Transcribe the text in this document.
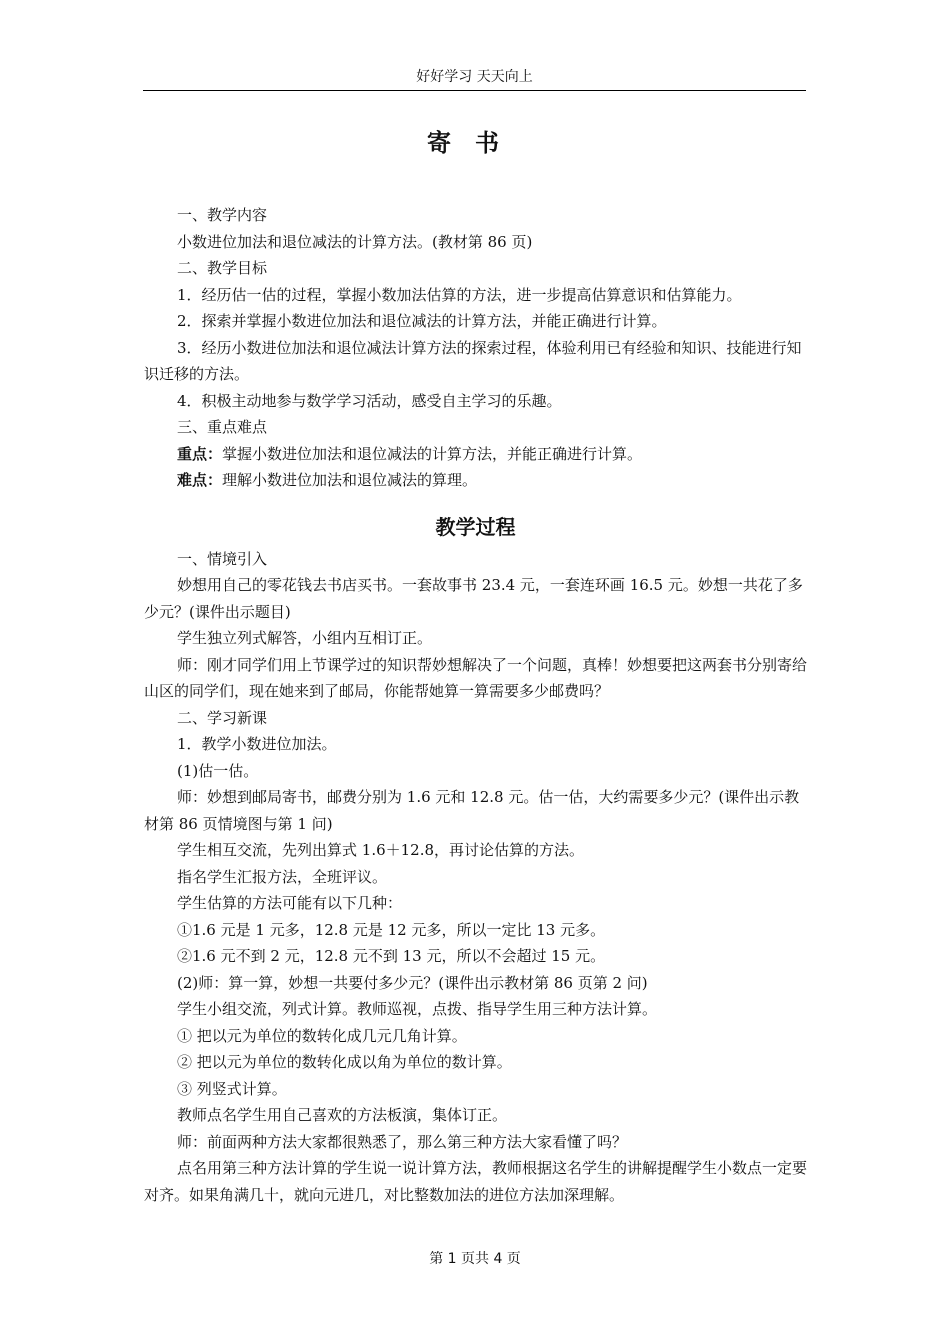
好好学习 天天向上
寄书

一、教学内容

小数进位加法和退位减法的计算方法。(教材第 86 页)

二、教学目标

1．经历估一估的过程，掌握小数加法估算的方法，进一步提高估算意识和估算能力。

2．探索并掌握小数进位加法和退位减法的计算方法，并能正确进行计算。

3．经历小数进位加法和退位减法计算方法的探索过程，体验利用已有经验和知识、技能进行知识迁移的方法。

4．积极主动地参与数学学习活动，感受自主学习的乐趣。

三、重点难点

重点：掌握小数进位加法和退位减法的计算方法，并能正确进行计算。

难点：理解小数进位加法和退位减法的算理。

教学过程

一、情境引入

妙想用自己的零花钱去书店买书。一套故事书 23.4 元，一套连环画 16.5 元。妙想一共花了多少元？(课件出示题目)

学生独立列式解答，小组内互相订正。

师：刚才同学们用上节课学过的知识帮妙想解决了一个问题，真棒！妙想要把这两套书分别寄给山区的同学们，现在她来到了邮局，你能帮她算一算需要多少邮费吗？

二、学习新课

1．教学小数进位加法。

(1)估一估。

师：妙想到邮局寄书，邮费分别为 1.6 元和 12.8 元。估一估，大约需要多少元？(课件出示教材第 86 页情境图与第 1 问)

学生相互交流，先列出算式 1.6＋12.8，再讨论估算的方法。

指名学生汇报方法，全班评议。

学生估算的方法可能有以下几种：

①1.6 元是 1 元多，12.8 元是 12 元多，所以一定比 13 元多。

②1.6 元不到 2 元，12.8 元不到 13 元，所以不会超过 15 元。

(2)师：算一算，妙想一共要付多少元？(课件出示教材第 86 页第 2 问)

学生小组交流，列式计算。教师巡视，点拨、指导学生用三种方法计算。

① 把以元为单位的数转化成几元几角计算。

② 把以元为单位的数转化成以角为单位的数计算。

③ 列竖式计算。

教师点名学生用自己喜欢的方法板演，集体订正。

师：前面两种方法大家都很熟悉了，那么第三种方法大家看懂了吗？

点名用第三种方法计算的学生说一说计算方法，教师根据这名学生的讲解提醒学生小数点一定要对齐。如果角满几十，就向元进几，对比整数加法的进位方法加深理解。

第 1 页共 4 页
